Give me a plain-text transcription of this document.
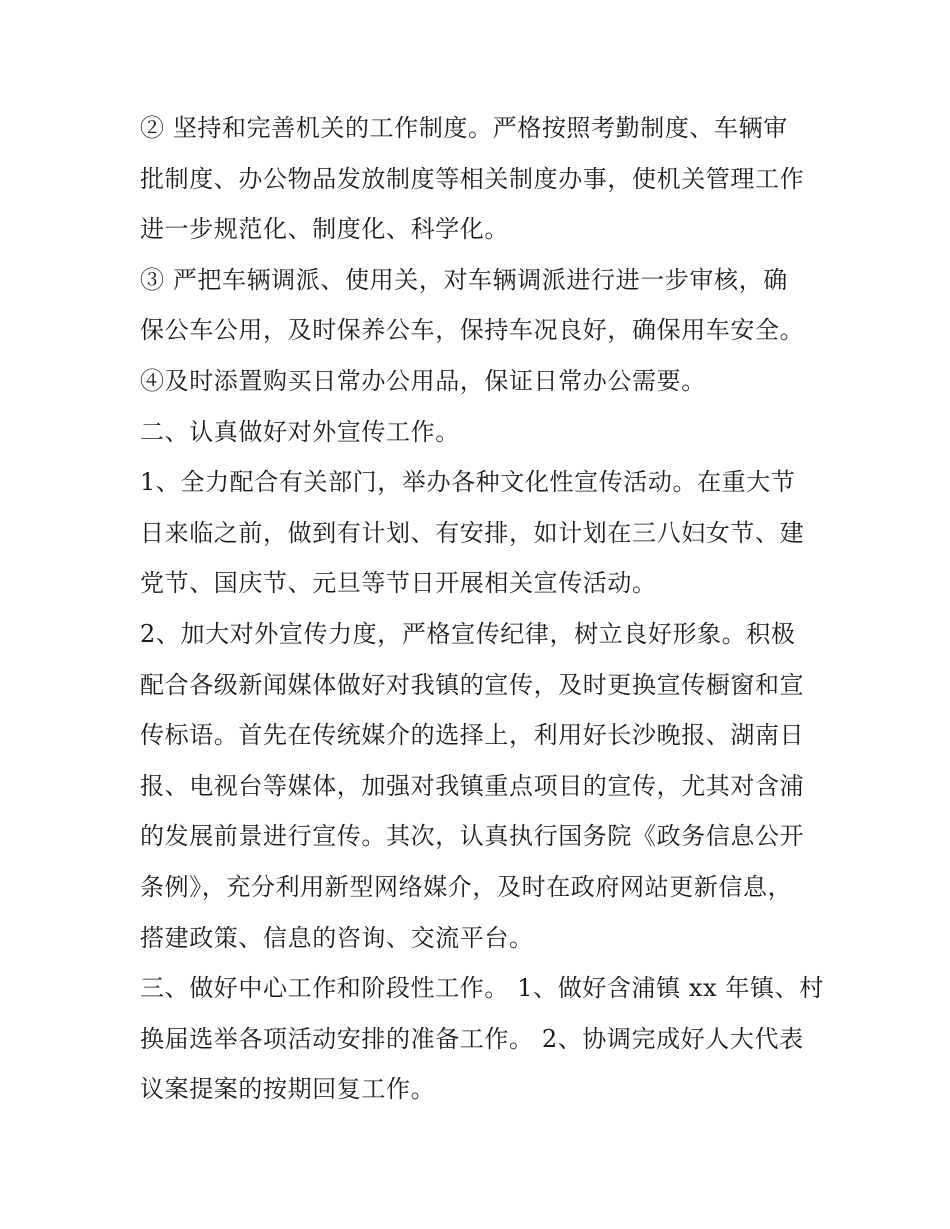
② 坚持和完善机关的工作制度。严格按照考勤制度、车辆审
批制度、办公物品发放制度等相关制度办事，使机关管理工作
进一步规范化、制度化、科学化。

③ 严把车辆调派、使用关，对车辆调派进行进一步审核，确
保公车公用，及时保养公车，保持车况良好，确保用车安全。

④及时添置购买日常办公用品，保证日常办公需要。

二、认真做好对外宣传工作。

1、全力配合有关部门，举办各种文化性宣传活动。在重大节
日来临之前，做到有计划、有安排，如计划在三八妇女节、建
党节、国庆节、元旦等节日开展相关宣传活动。

2、加大对外宣传力度，严格宣传纪律，树立良好形象。积极
配合各级新闻媒体做好对我镇的宣传，及时更换宣传橱窗和宣
传标语。首先在传统媒介的选择上，利用好长沙晚报、湖南日
报、电视台等媒体，加强对我镇重点项目的宣传，尤其对含浦
的发展前景进行宣传。其次，认真执行国务院《政务信息公开
条例》，充分利用新型网络媒介，及时在政府网站更新信息，
搭建政策、信息的咨询、交流平台。

三、做好中心工作和阶段性工作。 1、做好含浦镇 xx 年镇、村
换届选举各项活动安排的准备工作。 2、协调完成好人大代表
议案提案的按期回复工作。
